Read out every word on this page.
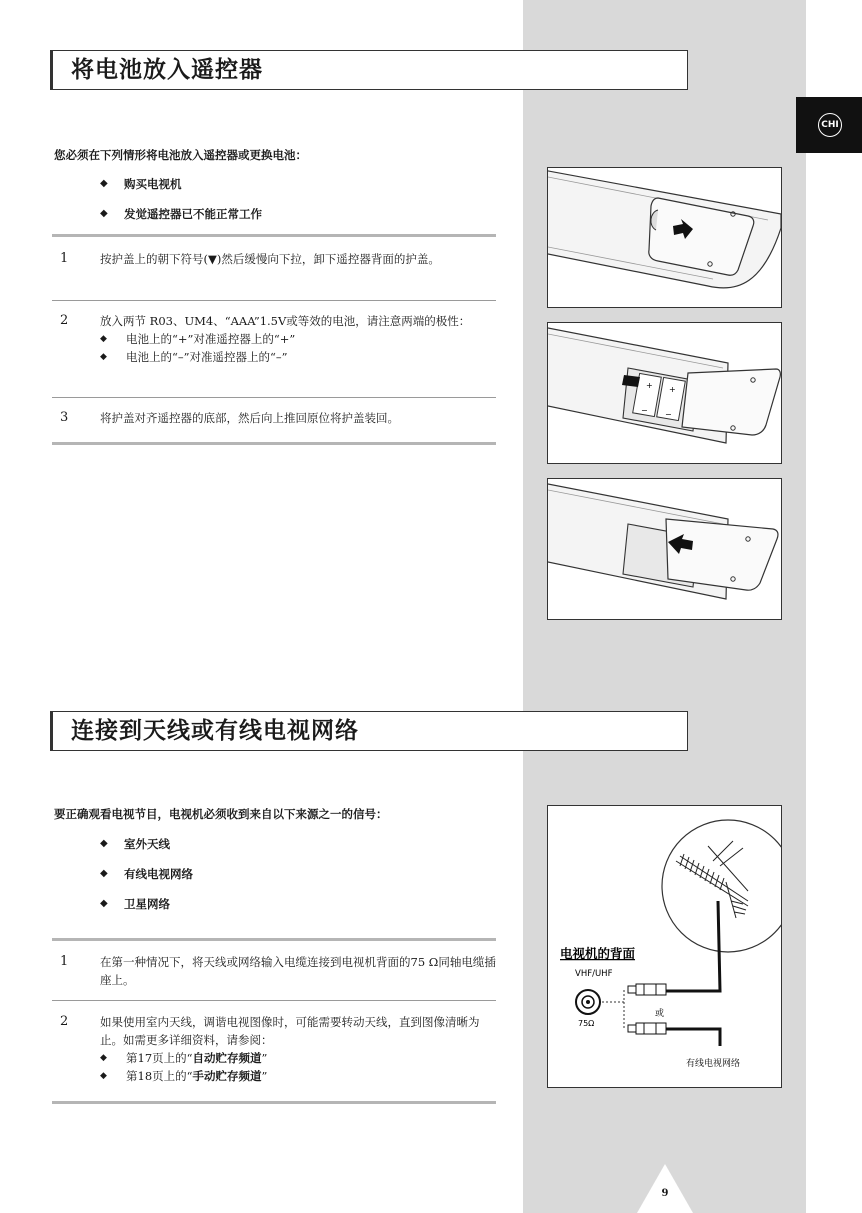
CHI
将电池放入遥控器
您必须在下列情形将电池放入遥控器或更换电池：
◆	购买电视机
◆	发觉遥控器已不能正常工作
1	按护盖上的朝下符号(▼)然后缓慢向下拉，卸下遥控器背面的护盖。
2	放入两节 R03、UM4、“AAA”1.5V或等效的电池，请注意两端的极性：
◆	电池上的“+”对准遥控器上的“+”
◆	电池上的“–”对准遥控器上的“–”
3	将护盖对齐遥控器的底部，然后向上推回原位将护盖装回。
+ +
− −
连接到天线或有线电视网络
要正确观看电视节目，电视机必须收到来自以下来源之一的信号：
◆	室外天线
◆	有线电视网络
◆	卫星网络
1	在第一种情况下，将天线或网络输入电缆连接到电视机背面的75 Ω同轴电缆插座上。
2	如果使用室内天线，调谐电视图像时，可能需要转动天线，直到图像清晰为止。如需更多详细资料，请参阅：
◆	第17页上的“自动贮存频道”
◆	第18页上的“手动贮存频道”
电视机的背面
VHF/UHF
75Ω
或
有线电视网络
9
